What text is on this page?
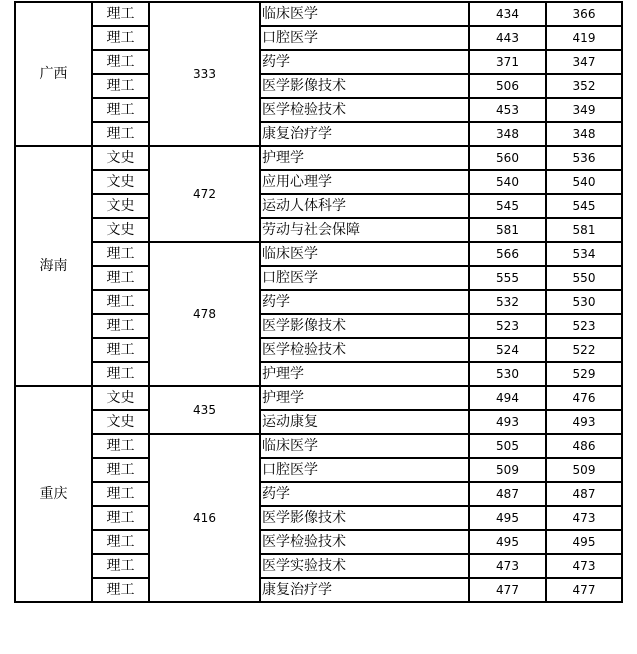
广西	理工	333	临床医学	434	366
	理工		口腔医学	443	419
	理工		药学	371	347
	理工		医学影像技术	506	352
	理工		医学检验技术	453	349
	理工		康复治疗学	348	348
海南	文史	472	护理学	560	536
	文史		应用心理学	540	540
	文史		运动人体科学	545	545
	文史		劳动与社会保障	581	581
	理工	478	临床医学	566	534
	理工		口腔医学	555	550
	理工		药学	532	530
	理工		医学影像技术	523	523
	理工		医学检验技术	524	522
	理工		护理学	530	529
重庆	文史	435	护理学	494	476
	文史		运动康复	493	493
	理工	416	临床医学	505	486
	理工		口腔医学	509	509
	理工		药学	487	487
	理工		医学影像技术	495	473
	理工		医学检验技术	495	495
	理工		医学实验技术	473	473
	理工		康复治疗学	477	477
